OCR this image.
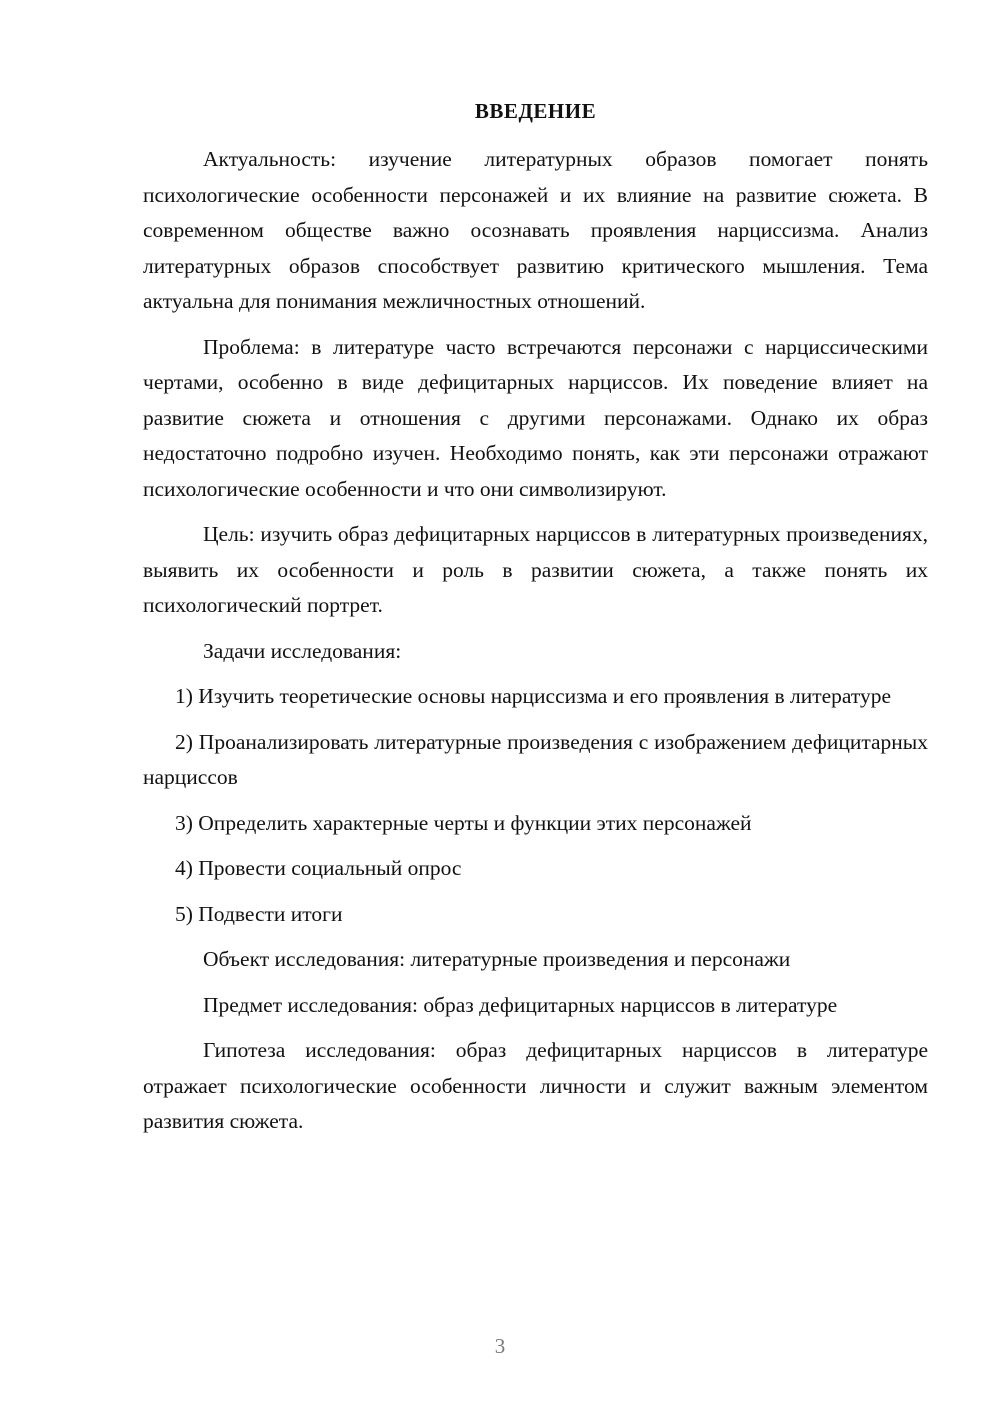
ВВЕДЕНИЕ

Актуальность: изучение литературных образов помогает понять психологические особенности персонажей и их влияние на развитие сюжета. В современном обществе важно осознавать проявления нарциссизма. Анализ литературных образов способствует развитию критического мышления. Тема актуальна для понимания межличностных отношений.

Проблема: в литературе часто встречаются персонажи с нарциссическими чертами, особенно в виде дефицитарных нарциссов. Их поведение влияет на развитие сюжета и отношения с другими персонажами. Однако их образ недостаточно подробно изучен. Необходимо понять, как эти персонажи отражают психологические особенности и что они символизируют.

Цель: изучить образ дефицитарных нарциссов в литературных произведениях, выявить их особенности и роль в развитии сюжета, а также понять их психологический портрет.

Задачи исследования:

1) Изучить теоретические основы нарциссизма и его проявления в литературе

2) Проанализировать литературные произведения с изображением дефицитарных нарциссов

3) Определить характерные черты и функции этих персонажей

4) Провести социальный опрос

5) Подвести итоги

Объект исследования: литературные произведения и персонажи

Предмет исследования: образ дефицитарных нарциссов в литературе

Гипотеза исследования: образ дефицитарных нарциссов в литературе отражает психологические особенности личности и служит важным элементом развития сюжета.

3
